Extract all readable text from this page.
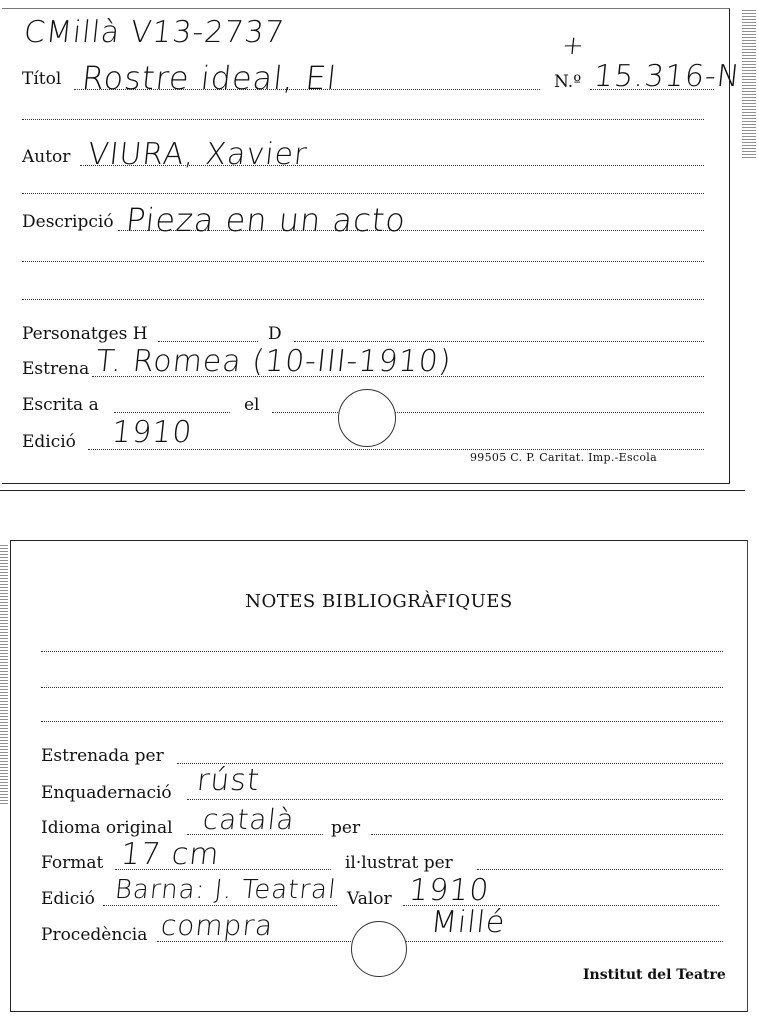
CMillà V13-2737
Títol Rostre ideal, El
+
N.º 15.316-N
Autor VIURA, Xavier
Descripció Pieza en un acto
Personatges H	D
Estrena T. Romea (10-III-1910)
Escrita a	el
Edició 1910
99505 C. P. Caritat. Imp.-Escola
NOTES BIBLIOGRÀFIQUES
Estrenada per
Enquadernació rúst
Idioma original català per
Format 17 cm	il·lustrat per
Edició Barna: J. Teatral Valor 1910
Procedència compra	Millé
Institut del Teatre
